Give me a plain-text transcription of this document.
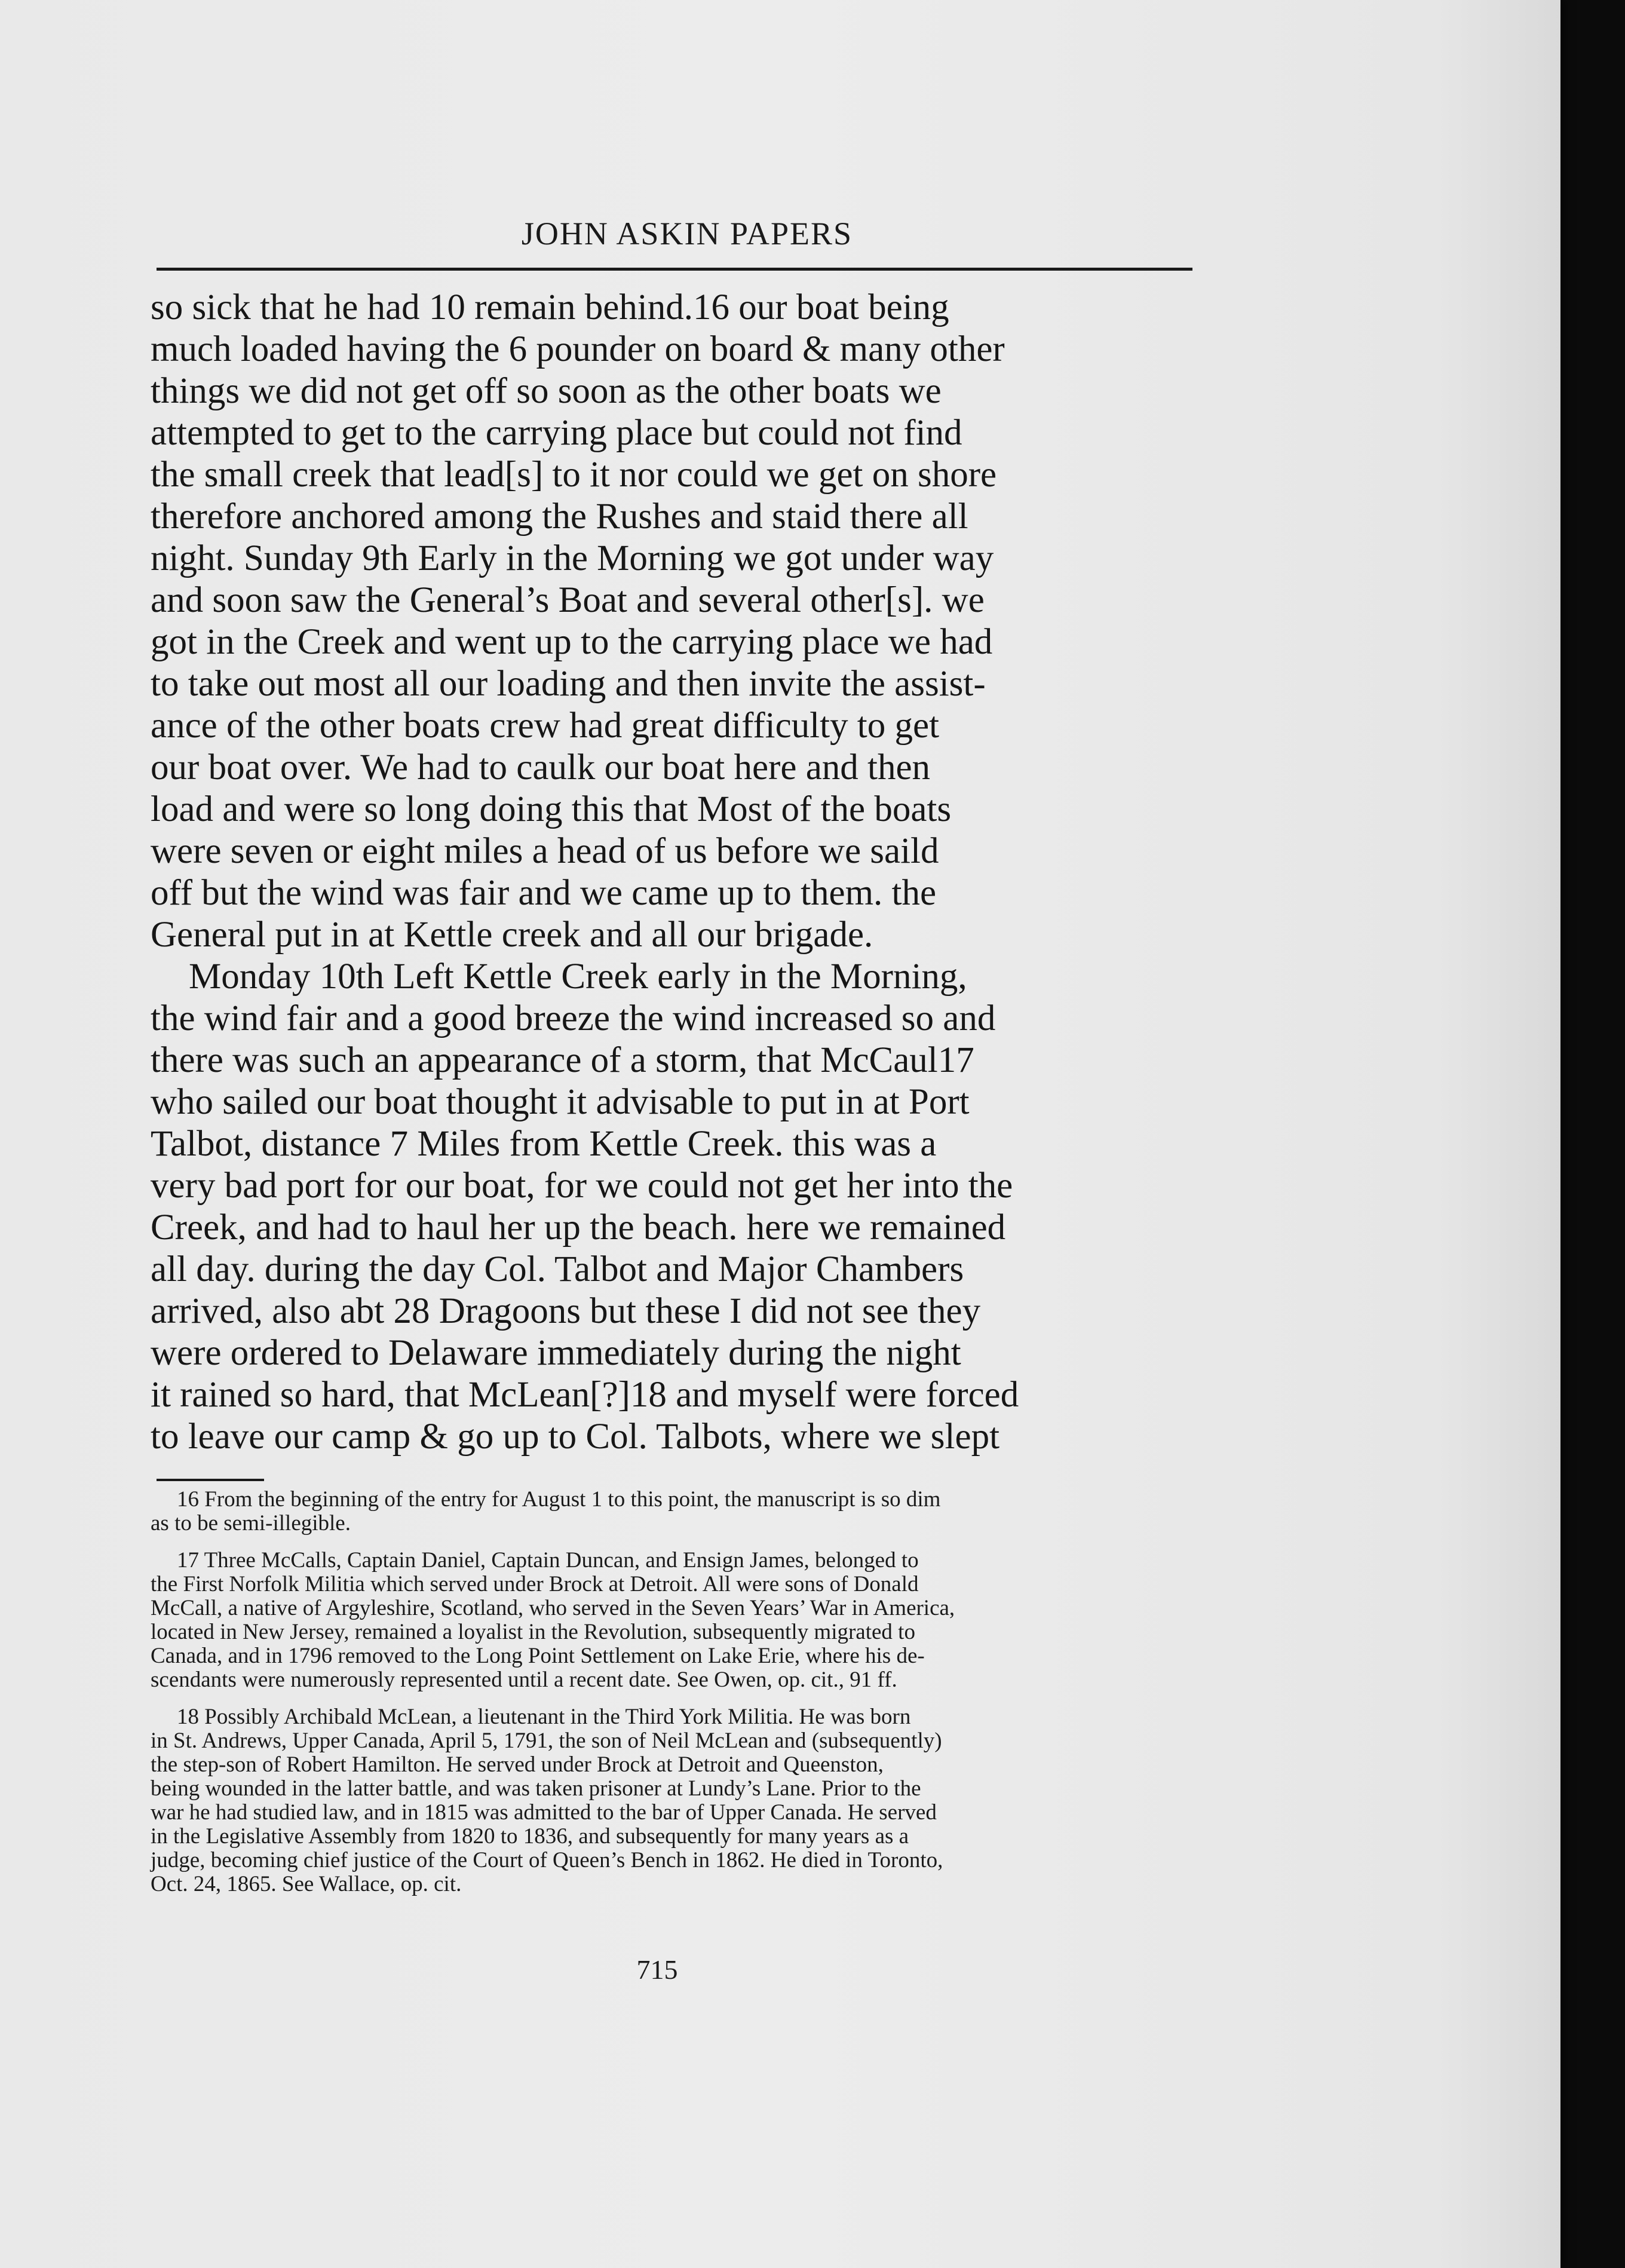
JOHN ASKIN PAPERS
so sick that he had 10 remain behind.16 our boat being
much loaded having the 6 pounder on board & many other
things we did not get off so soon as the other boats we
attempted to get to the carrying place but could not find
the small creek that lead[s] to it nor could we get on shore
therefore anchored among the Rushes and staid there all
night. Sunday 9th Early in the Morning we got under way
and soon saw the General’s Boat and several other[s]. we
got in the Creek and went up to the carrying place we had
to take out most all our loading and then invite the assist-
ance of the other boats crew had great difficulty to get
our boat over. We had to caulk our boat here and then
load and were so long doing this that Most of the boats
were seven or eight miles a head of us before we saild
off but the wind was fair and we came up to them. the
General put in at Kettle creek and all our brigade.
Monday 10th Left Kettle Creek early in the Morning,
the wind fair and a good breeze the wind increased so and
there was such an appearance of a storm, that McCaul17
who sailed our boat thought it advisable to put in at Port
Talbot, distance 7 Miles from Kettle Creek. this was a
very bad port for our boat, for we could not get her into the
Creek, and had to haul her up the beach. here we remained
all day. during the day Col. Talbot and Major Chambers
arrived, also abt 28 Dragoons but these I did not see they
were ordered to Delaware immediately during the night
it rained so hard, that McLean[?]18 and myself were forced
to leave our camp & go up to Col. Talbots, where we slept
16 From the beginning of the entry for August 1 to this point, the manuscript is so dim
as to be semi-illegible.
17 Three McCalls, Captain Daniel, Captain Duncan, and Ensign James, belonged to
the First Norfolk Militia which served under Brock at Detroit. All were sons of Donald
McCall, a native of Argyleshire, Scotland, who served in the Seven Years’ War in America,
located in New Jersey, remained a loyalist in the Revolution, subsequently migrated to
Canada, and in 1796 removed to the Long Point Settlement on Lake Erie, where his de-
scendants were numerously represented until a recent date. See Owen, op. cit., 91 ff.
18 Possibly Archibald McLean, a lieutenant in the Third York Militia. He was born
in St. Andrews, Upper Canada, April 5, 1791, the son of Neil McLean and (subsequently)
the step-son of Robert Hamilton. He served under Brock at Detroit and Queenston,
being wounded in the latter battle, and was taken prisoner at Lundy’s Lane. Prior to the
war he had studied law, and in 1815 was admitted to the bar of Upper Canada. He served
in the Legislative Assembly from 1820 to 1836, and subsequently for many years as a
judge, becoming chief justice of the Court of Queen’s Bench in 1862. He died in Toronto,
Oct. 24, 1865. See Wallace, op. cit.
715
